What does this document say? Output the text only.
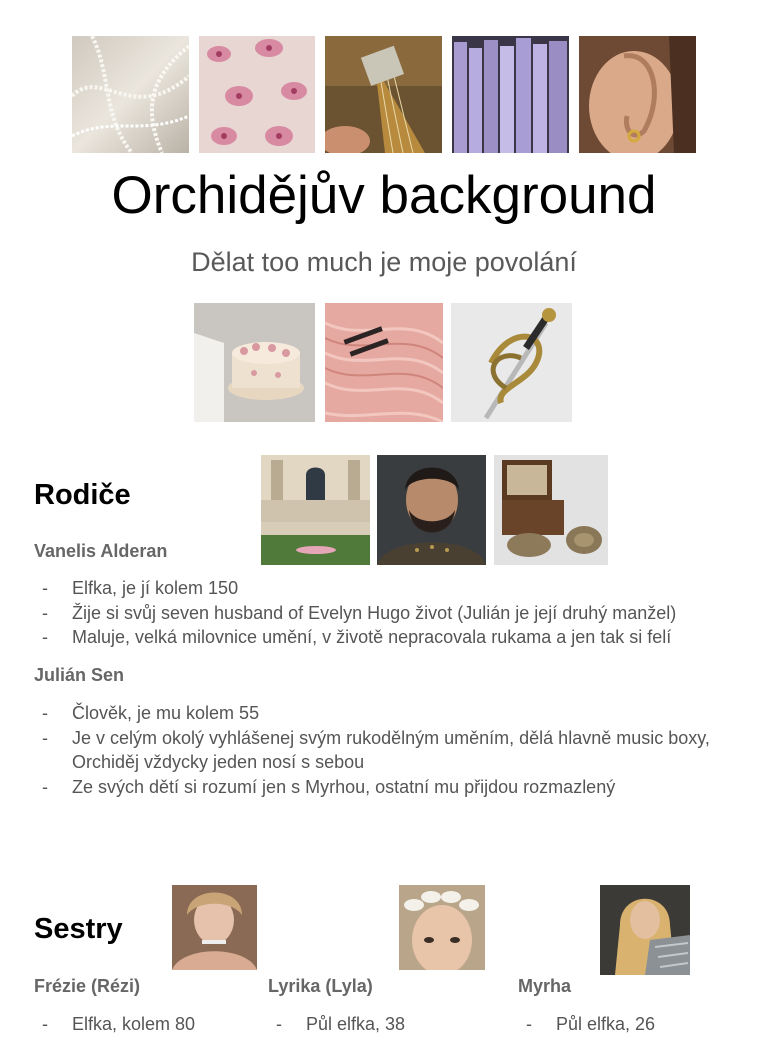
Orchidějův background
Dělat too much je moje povolání
Rodiče
Vanelis Alderan
- Elfka, je jí kolem 150
- Žije si svůj seven husband of Evelyn Hugo život (Julián je její druhý manžel)
- Maluje, velká milovnice umění, v životě nepracovala rukama a jen tak si felí
Julián Sen
- Člověk, je mu kolem 55
- Je v celým okolý vyhlášenej svým rukodělným uměním, dělá hlavně music boxy, Orchiděj vždycky jeden nosí s sebou
- Ze svých dětí si rozumí jen s Myrhou, ostatní mu přijdou rozmazlený
Sestry
Frézie (Rézi)	Lyrika (Lyla)	Myrha
- Elfka, kolem 80	- Půl elfka, 38	- Půl elfka, 26
